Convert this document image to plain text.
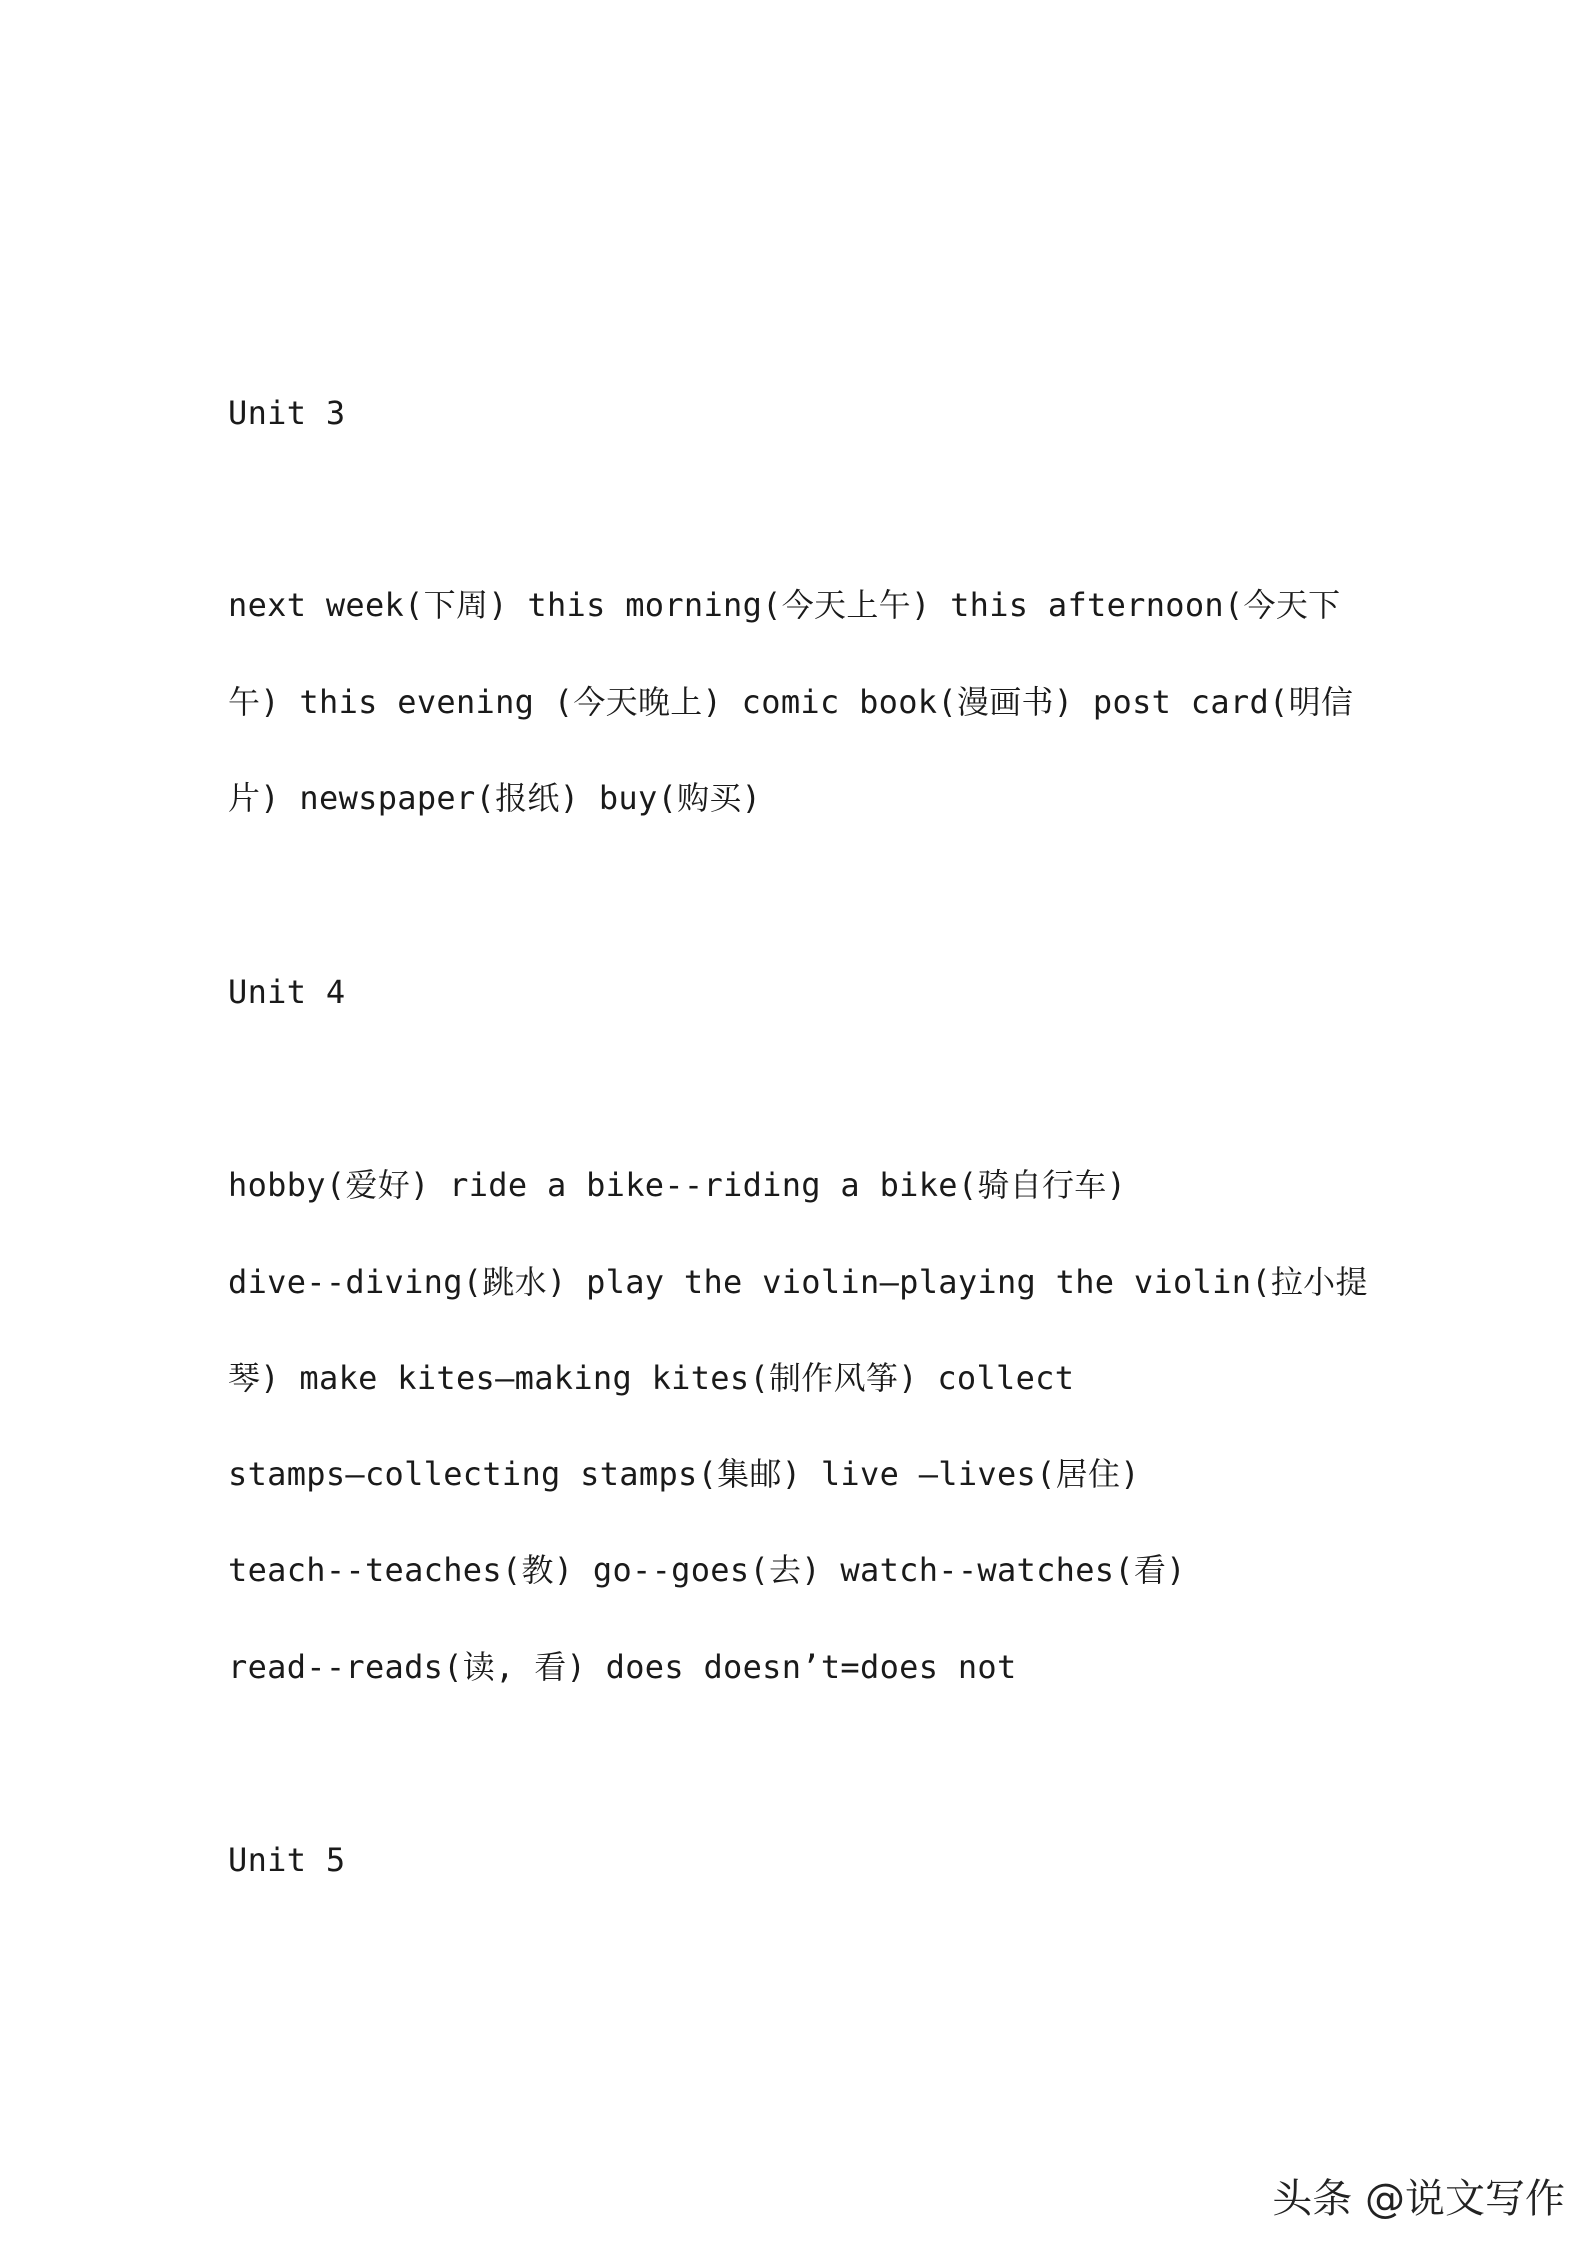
Unit 3

next week(下周) this morning(今天上午) this afternoon(今天下

午) this evening (今天晚上) comic book(漫画书) post card(明信

片) newspaper(报纸) buy(购买)

Unit 4

hobby(爱好) ride a bike--riding a bike(骑自行车)

dive--diving(跳水) play the violin—playing the violin(拉小提

琴) make kites—making kites(制作风筝) collect

stamps—collecting stamps(集邮) live –lives(居住)

teach--teaches(教) go--goes(去) watch--watches(看)

read--reads(读, 看) does doesn’t=does not

Unit 5

头条 @说文写作
